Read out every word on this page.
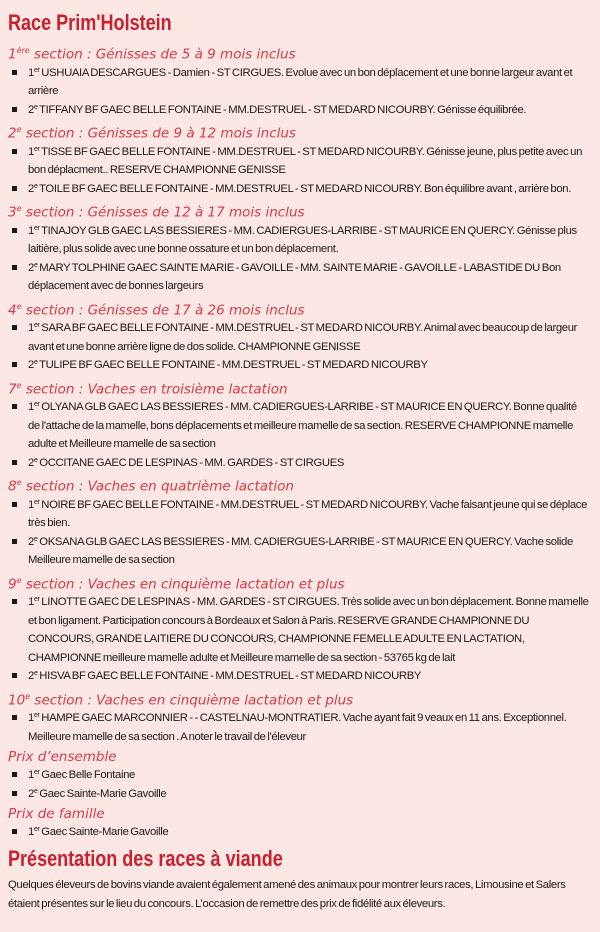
Race Prim'Holstein
1ère section : Génisses de 5 à 9 mois inclus
1er USHUAIA DESCARGUES - Damien - ST CIRGUES. Evolue avec un bon déplacement et une bonne largeur avant et arrière
2e TIFFANY BF GAEC BELLE FONTAINE - MM.DESTRUEL - ST MEDARD NICOURBY. Génisse équilibrée.
2e section : Génisses de 9 à 12 mois inclus
1er TISSE BF GAEC BELLE FONTAINE - MM.DESTRUEL - ST MEDARD NICOURBY. Génisse jeune, plus petite avec un bon déplacment.. RESERVE CHAMPIONNE GENISSE
2e TOILE BF GAEC BELLE FONTAINE - MM.DESTRUEL - ST MEDARD NICOURBY. Bon équilibre avant , arrière bon.
3e section : Génisses de 12 à 17 mois inclus
1er TINAJOY GLB GAEC LAS BESSIERES - MM. CADIERGUES-LARRIBE - ST MAURICE EN QUERCY. Génisse plus laitière, plus solide avec une bonne ossature et un bon déplacement.
2e MARY TOLPHINE GAEC SAINTE MARIE - GAVOILLE - MM. SAINTE MARIE - GAVOILLE - LABASTIDE DU Bon déplacement avec de bonnes largeurs
4e section : Génisses de 17 à 26 mois inclus
1er SARA BF GAEC BELLE FONTAINE - MM.DESTRUEL - ST MEDARD NICOURBY. Animal avec beaucoup de largeur avant et une bonne arrière ligne de dos solide. CHAMPIONNE GENISSE
2e TULIPE BF GAEC BELLE FONTAINE - MM.DESTRUEL - ST MEDARD NICOURBY
7e section : Vaches en troisième lactation
1er OLYANA GLB GAEC LAS BESSIERES - MM. CADIERGUES-LARRIBE - ST MAURICE EN QUERCY. Bonne qualité de l'attache de la mamelle, bons déplacements et meilleure mamelle de sa section. RESERVE CHAMPIONNE mamelle adulte et Meilleure mamelle de sa section
2e OCCITANE GAEC DE LESPINAS - MM. GARDES - ST CIRGUES
8e section : Vaches en quatrième lactation
1er NOIRE BF GAEC BELLE FONTAINE - MM.DESTRUEL - ST MEDARD NICOURBY. Vache faisant jeune qui se déplace très bien.
2e OKSANA GLB GAEC LAS BESSIERES - MM. CADIERGUES-LARRIBE - ST MAURICE EN QUERCY. Vache solide Meilleure mamelle de sa section
9e section : Vaches en cinquième lactation et plus
1er LINOTTE GAEC DE LESPINAS - MM. GARDES - ST CIRGUES. Très solide avec un bon déplacement. Bonne mamelle et bon ligament. Participation concours à Bordeaux et Salon à Paris. RESERVE GRANDE CHAMPIONNE DU CONCOURS, GRANDE LAITIERE DU CONCOURS, CHAMPIONNE FEMELLE ADULTE EN LACTATION, CHAMPIONNE meilleure mamelle adulte et Meilleure mamelle de sa section - 53765 kg de lait
2e HISVA BF GAEC BELLE FONTAINE - MM.DESTRUEL - ST MEDARD NICOURBY
10e section : Vaches en cinquième lactation et plus
1er HAMPE GAEC MARCONNIER - - CASTELNAU-MONTRATIER. Vache ayant fait 9 veaux en 11 ans. Exceptionnel. Meilleure mamelle de sa section . A noter le travail de l'éleveur
Prix d’ensemble
1er Gaec Belle Fontaine
2e Gaec Sainte-Marie Gavoille
Prix de famille
1er Gaec Sainte-Marie Gavoille
Présentation des races à viande

Quelques éleveurs de bovins viande avaient également amené des animaux pour montrer leurs races, Limousine et Salers étaient présentes sur le lieu du concours. L’occasion de remettre des prix de fidélité aux éleveurs.
